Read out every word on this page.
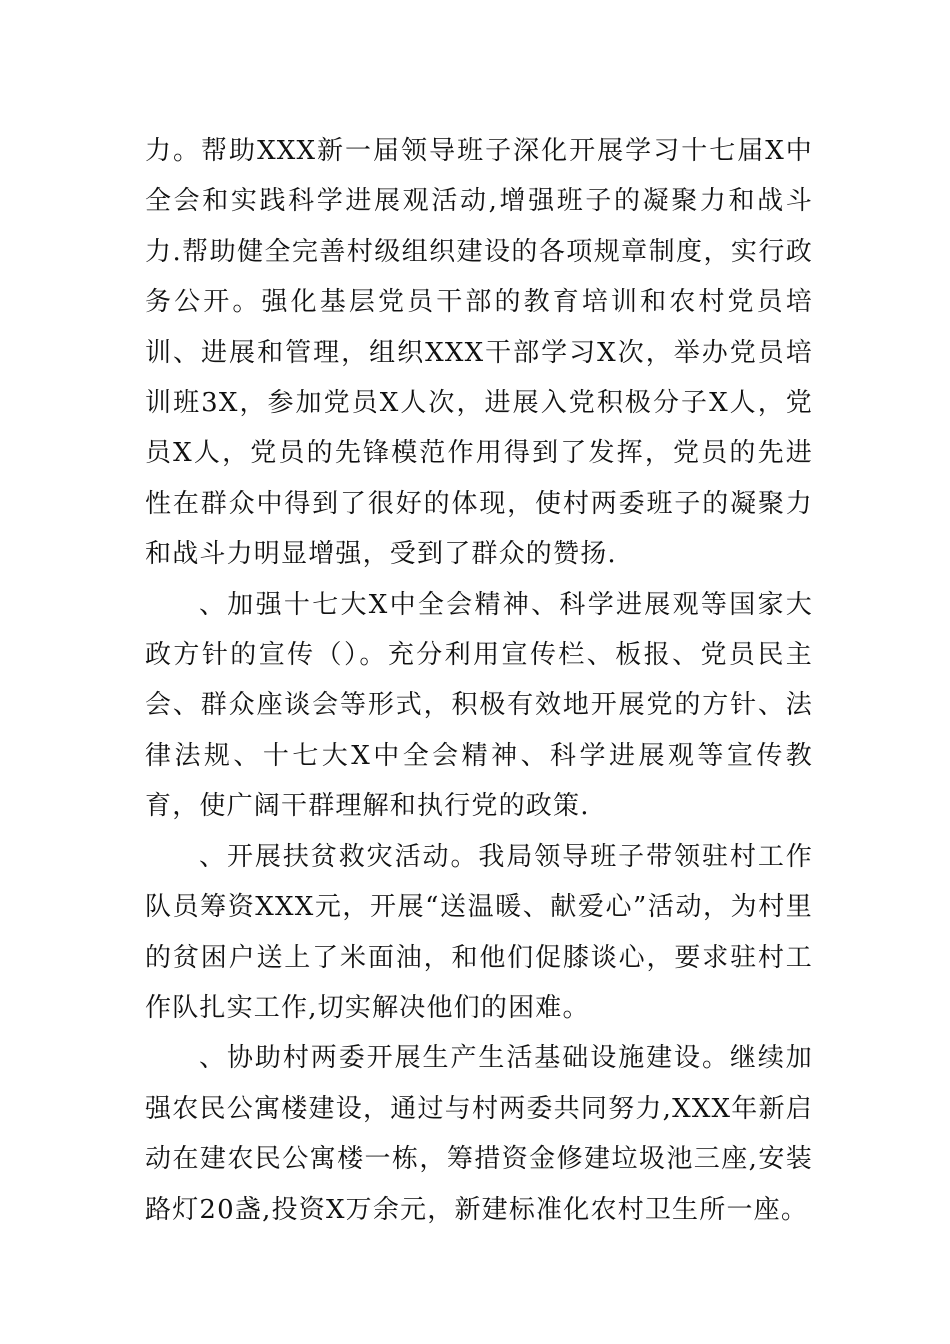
力。帮助XXX新一届领导班子深化开展学习十七届X中全会和实践科学进展观活动,增强班子的凝聚力和战斗力.帮助健全完善村级组织建设的各项规章制度，实行政务公开。强化基层党员干部的教育培训和农村党员培训、进展和管理，组织XXX干部学习X次，举办党员培训班3X，参加党员X人次，进展入党积极分子X人，党员X人，党员的先锋模范作用得到了发挥，党员的先进性在群众中得到了很好的体现，使村两委班子的凝聚力和战斗力明显增强，受到了群众的赞扬.

、加强十七大X中全会精神、科学进展观等国家大政方针的宣传（）。充分利用宣传栏、板报、党员民主会、群众座谈会等形式，积极有效地开展党的方针、法律法规、十七大X中全会精神、科学进展观等宣传教育，使广阔干群理解和执行党的政策.

、开展扶贫救灾活动。我局领导班子带领驻村工作队员筹资XXX元，开展“送温暖、献爱心”活动，为村里的贫困户送上了米面油，和他们促膝谈心，要求驻村工作队扎实工作,切实解决他们的困难。

、协助村两委开展生产生活基础设施建设。继续加强农民公寓楼建设，通过与村两委共同努力,XXX年新启动在建农民公寓楼一栋，筹措资金修建垃圾池三座,安装路灯20盏,投资X万余元，新建标准化农村卫生所一座。
